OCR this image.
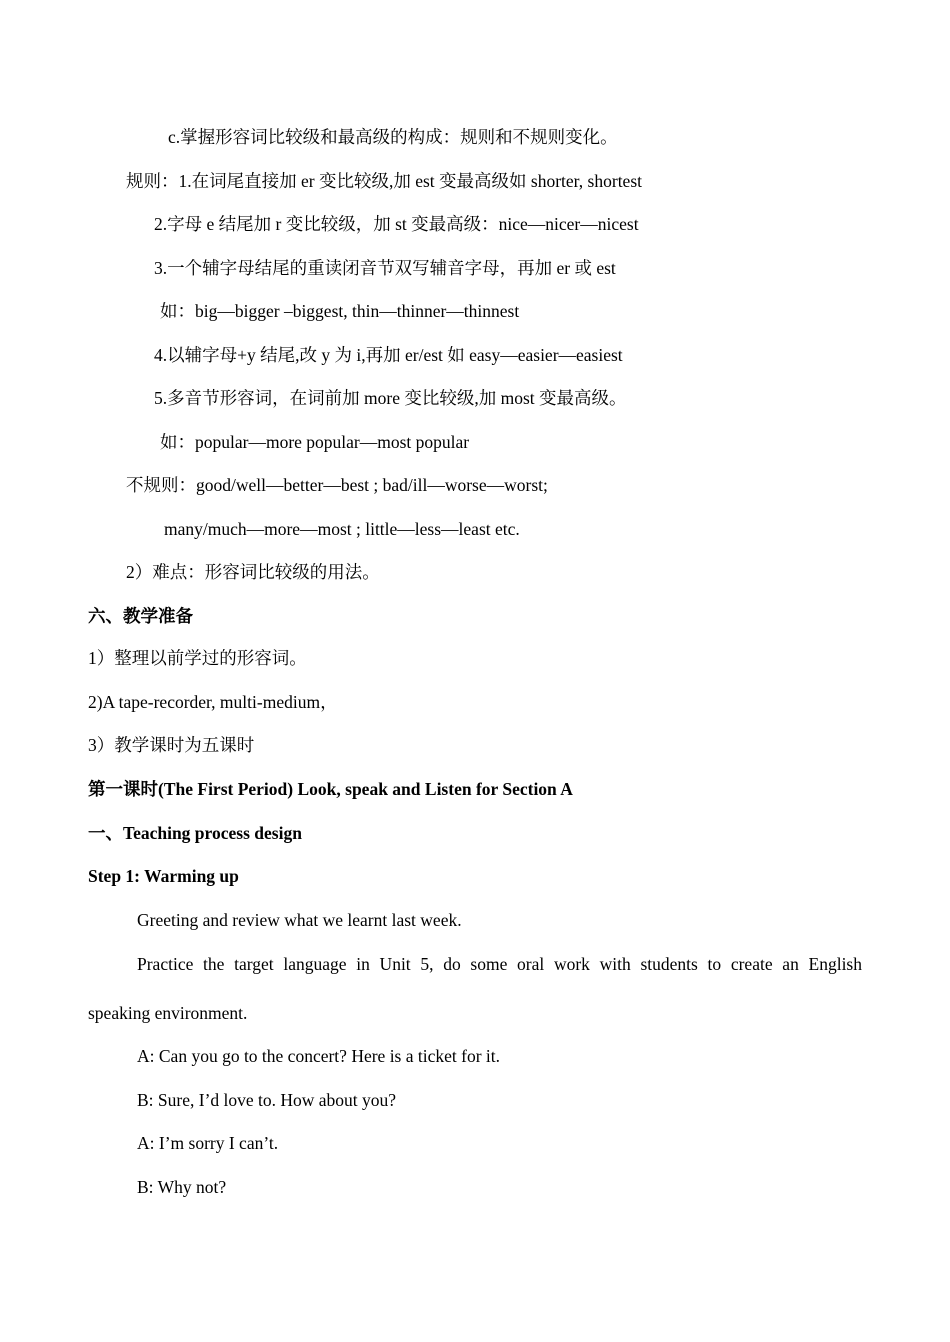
c.掌握形容词比较级和最高级的构成：规则和不规则变化。
规则：1.在词尾直接加 er 变比较级,加 est 变最高级如 shorter, shortest
2.字母 e 结尾加 r 变比较级，加 st 变最高级：nice—nicer—nicest
3.一个辅字母结尾的重读闭音节双写辅音字母，再加 er 或 est
如：big—bigger –biggest, thin—thinner—thinnest
4.以辅字母+y 结尾,改 y 为 i,再加 er/est 如 easy—easier—easiest
5.多音节形容词，在词前加 more 变比较级,加 most 变最高级。
如：popular—more popular—most popular
不规则：good/well—better—best ; bad/ill—worse—worst;
many/much—more—most ; little—less—least etc.
2）难点：形容词比较级的用法。
六、教学准备
1）整理以前学过的形容词。
2)A tape-recorder, multi-medium，
3）教学课时为五课时
第一课时(The First Period) Look, speak and Listen for Section A
一、Teaching process design
Step 1: Warming up
Greeting and review what we learnt last week.
Practice the target language in Unit 5, do some oral work with students to create an English
speaking environment.
A: Can you go to the concert? Here is a ticket for it.
B: Sure, I’d love to. How about you?
A: I’m sorry I can’t.
B: Why not?
